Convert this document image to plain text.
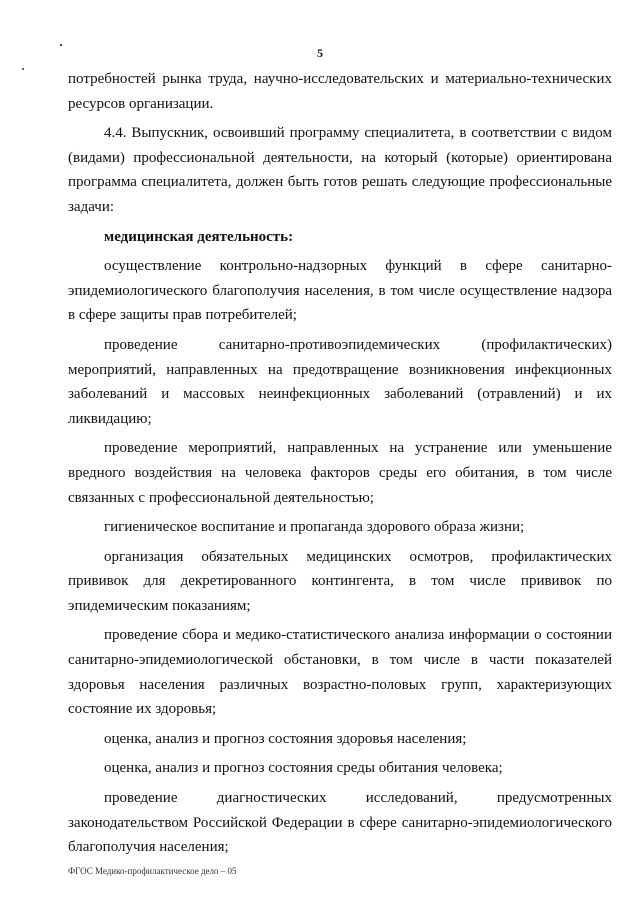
5

потребностей рынка труда, научно-исследовательских и материально-технических ресурсов организации.

4.4. Выпускник, освоивший программу специалитета, в соответствии с видом (видами) профессиональной деятельности, на который (которые) ориентирована программа специалитета, должен быть готов решать следующие профессиональные задачи:

медицинская деятельность:

осуществление контрольно-надзорных функций в сфере санитарно-эпидемиологического благополучия населения, в том числе осуществление надзора в сфере защиты прав потребителей;

проведение санитарно-противоэпидемических (профилактических) мероприятий, направленных на предотвращение возникновения инфекционных заболеваний и массовых неинфекционных заболеваний (отравлений) и их ликвидацию;

проведение мероприятий, направленных на устранение или уменьшение вредного воздействия на человека факторов среды его обитания, в том числе связанных с профессиональной деятельностью;

гигиеническое воспитание и пропаганда здорового образа жизни;

организация обязательных медицинских осмотров, профилактических прививок для декретированного контингента, в том числе прививок по эпидемическим показаниям;

проведение сбора и медико-статистического анализа информации о состоянии санитарно-эпидемиологической обстановки, в том числе в части показателей здоровья населения различных возрастно-половых групп, характеризующих состояние их здоровья;

оценка, анализ и прогноз состояния здоровья населения;

оценка, анализ и прогноз состояния среды обитания человека;

проведение диагностических исследований, предусмотренных законодательством Российской Федерации в сфере санитарно-эпидемиологического благополучия населения;

ФГОС Медико-профилактическое дело – 05
